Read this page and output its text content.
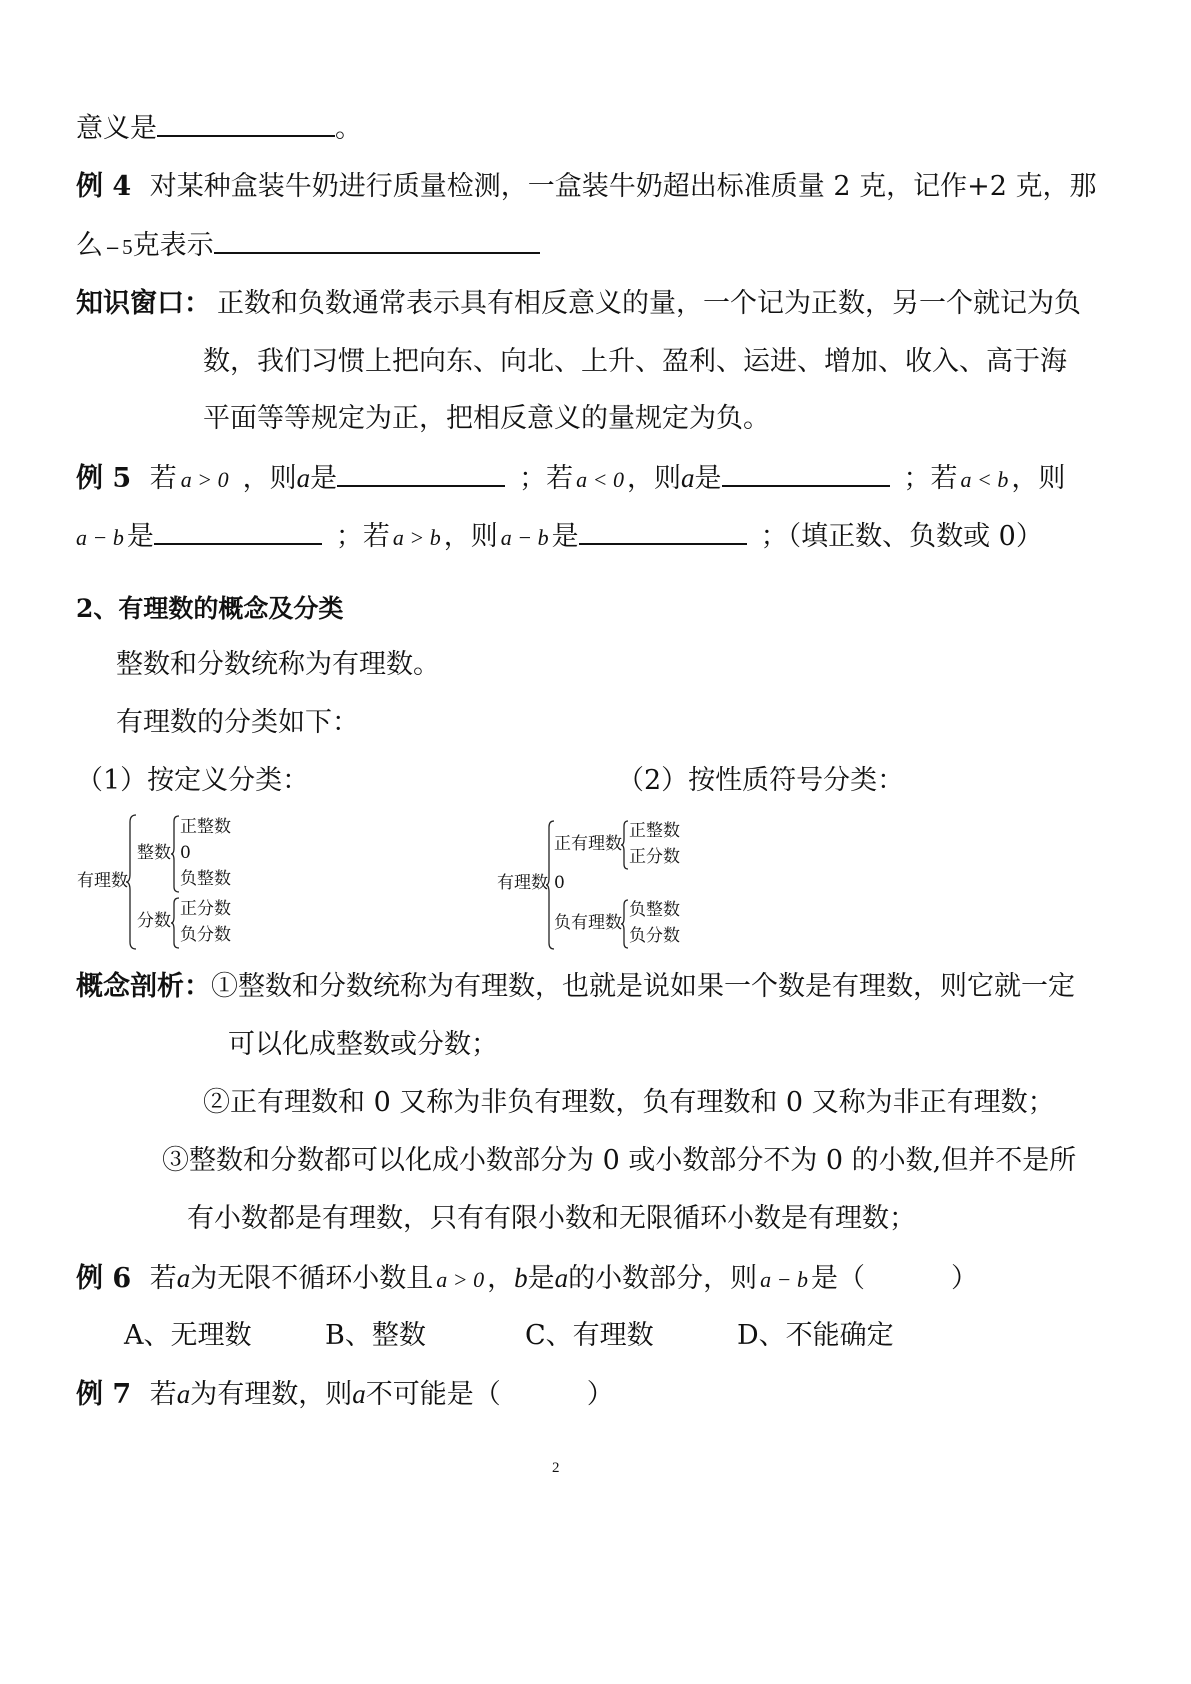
意义是	。
例 4 对某种盒装牛奶进行质量检测，一盒装牛奶超出标准质量 2 克，记作+2 克，那
么 −5克表示
知识窗口： 正数和负数通常表示具有相反意义的量，一个记为正数，另一个就记为负
数，我们习惯上把向东、向北、上升、盈利、运进、增加、收入、高于海
平面等等规定为正，把相反意义的量规定为负。
例 5 若 a > 0 ，则a是	；若 a < 0 ，则a是	；若 a < b ，则
a − b 是	；若 a > b ，则 a − b 是	；（填正数、负数或 0）
2、有理数的概念及分类
整数和分数统称为有理数。
有理数的分类如下：
（1）按定义分类：	（2）按性质符号分类：
有理数
整数
正整数
0
负整数
分数
正分数
负分数
有理数
正有理数
正整数
正分数
0
负有理数
负整数
负分数
概念剖析：①整数和分数统称为有理数，也就是说如果一个数是有理数，则它就一定
可以化成整数或分数；
②正有理数和 0 又称为非负有理数，负有理数和 0 又称为非正有理数；
③整数和分数都可以化成小数部分为 0 或小数部分不为 0 的小数,但并不是所
有小数都是有理数，只有有限小数和无限循环小数是有理数；
例 6 若a为无限不循环小数且 a > 0 ，b是a的小数部分，则 a − b 是（	）
A、无理数	B、整数	C、有理数	D、不能确定
例 7 若a为有理数，则a不可能是（	）
2
